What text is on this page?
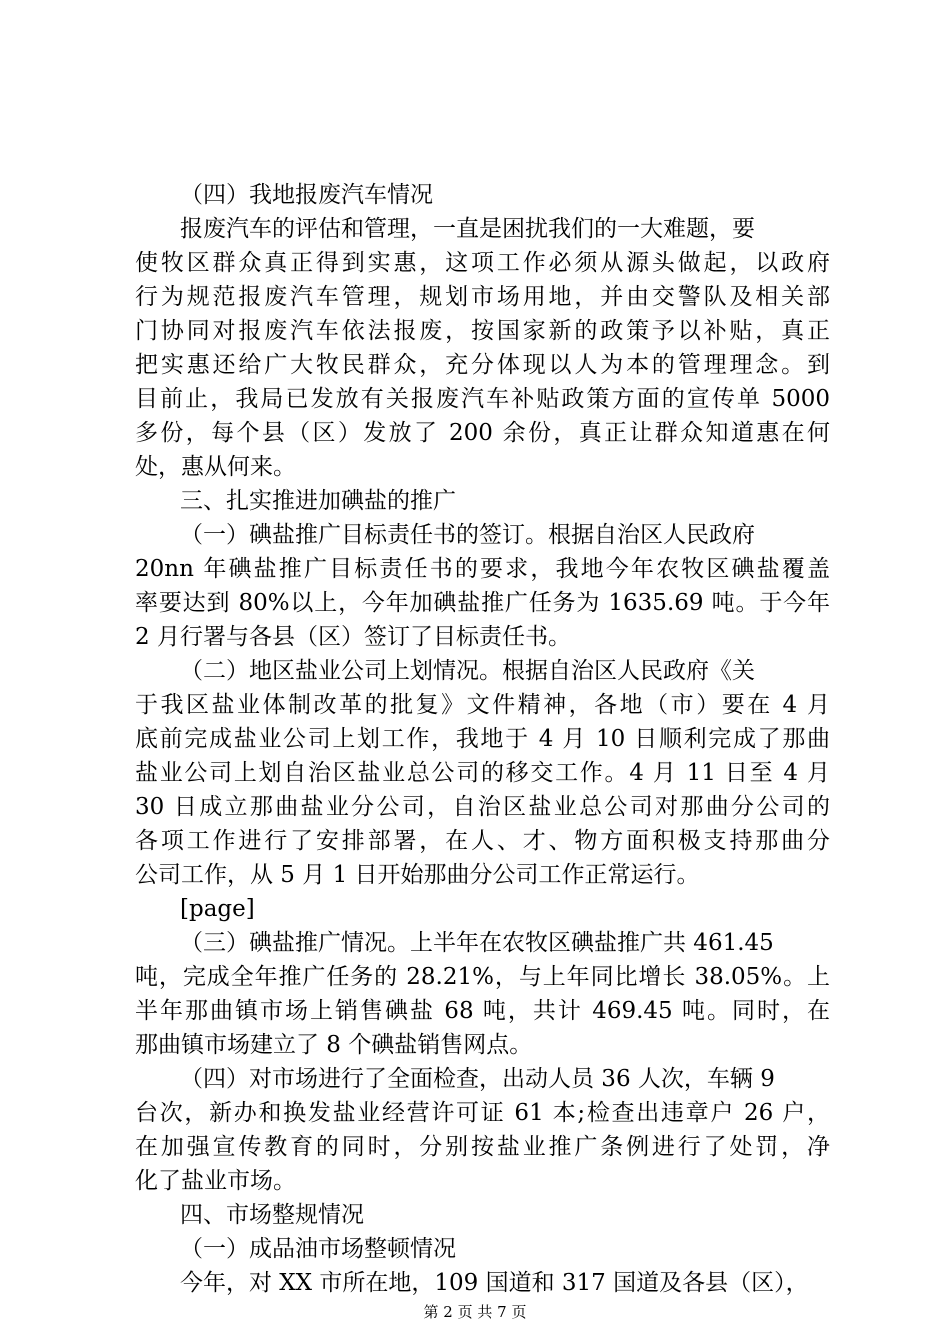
（四）我地报废汽车情况
报废汽车的评估和管理，一直是困扰我们的一大难题，要
使牧区群众真正得到实惠，这项工作必须从源头做起，以政府
行为规范报废汽车管理，规划市场用地，并由交警队及相关部
门协同对报废汽车依法报废，按国家新的政策予以补贴，真正
把实惠还给广大牧民群众，充分体现以人为本的管理理念。到
目前止，我局已发放有关报废汽车补贴政策方面的宣传单 5000
多份，每个县（区）发放了 200 余份，真正让群众知道惠在何
处，惠从何来。
三、扎实推进加碘盐的推广
（一）碘盐推广目标责任书的签订。根据自治区人民政府
20nn 年碘盐推广目标责任书的要求，我地今年农牧区碘盐覆盖
率要达到 80%以上，今年加碘盐推广任务为 1635.69 吨。于今年
2 月行署与各县（区）签订了目标责任书。
（二）地区盐业公司上划情况。根据自治区人民政府《关
于我区盐业体制改革的批复》文件精神，各地（市）要在 4 月
底前完成盐业公司上划工作，我地于 4 月 10 日顺利完成了那曲
盐业公司上划自治区盐业总公司的移交工作。4 月 11 日至 4 月
30 日成立那曲盐业分公司，自治区盐业总公司对那曲分公司的
各项工作进行了安排部署，在人、才、物方面积极支持那曲分
公司工作，从 5 月 1 日开始那曲分公司工作正常运行。
[page]
（三）碘盐推广情况。上半年在农牧区碘盐推广共 461.45
吨，完成全年推广任务的 28.21%，与上年同比增长 38.05%。上
半年那曲镇市场上销售碘盐 68 吨，共计 469.45 吨。同时，在
那曲镇市场建立了 8 个碘盐销售网点。
（四）对市场进行了全面检查，出动人员 36 人次，车辆 9
台次，新办和换发盐业经营许可证 61 本;检查出违章户 26 户，
在加强宣传教育的同时，分别按盐业推广条例进行了处罚，净
化了盐业市场。
四、市场整规情况
（一）成品油市场整顿情况
今年，对 XX 市所在地，109 国道和 317 国道及各县（区），
第 2 页 共 7 页
